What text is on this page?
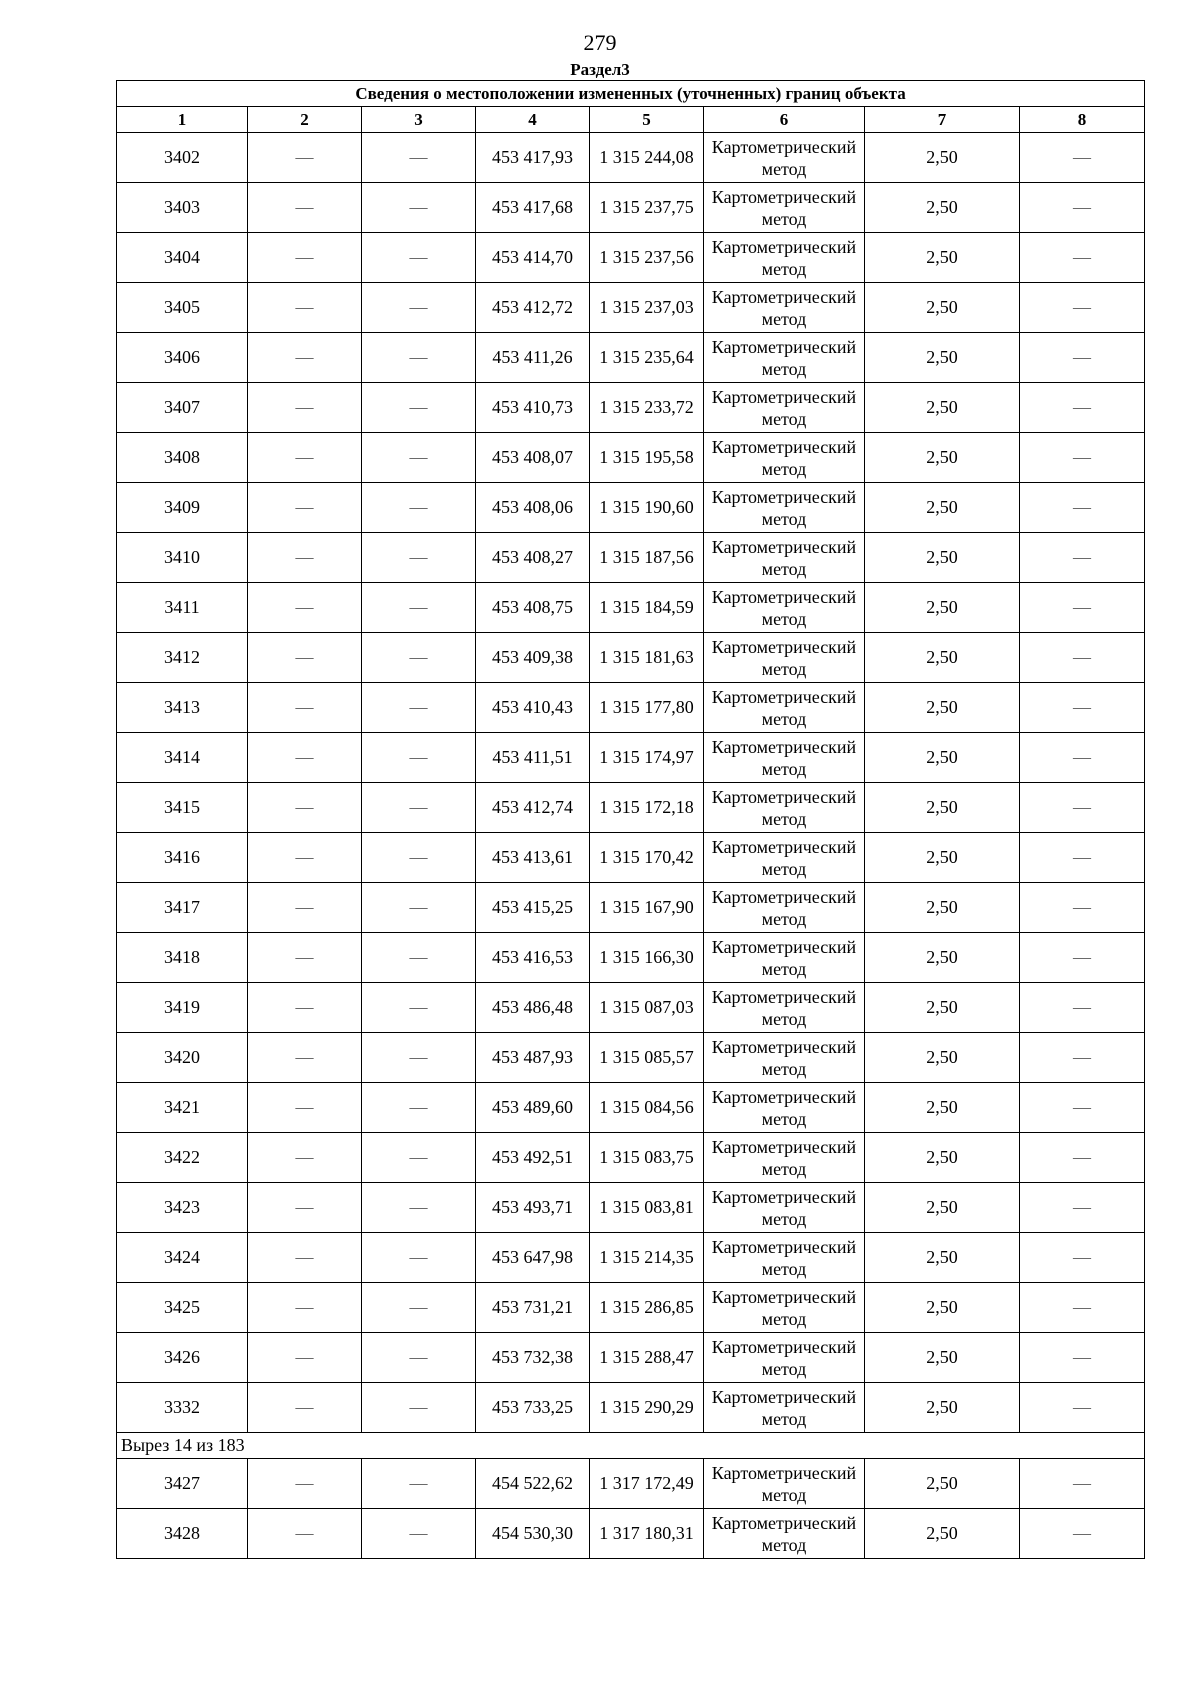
279
Раздел3
Сведения о местоположении измененных (уточненных) границ объекта							
1	2	3	4	5	6	7	8
3402	—	—	453 417,93	1 315 244,08	Картометрический метод	2,50	—
3403	—	—	453 417,68	1 315 237,75	Картометрический метод	2,50	—
3404	—	—	453 414,70	1 315 237,56	Картометрический метод	2,50	—
3405	—	—	453 412,72	1 315 237,03	Картометрический метод	2,50	—
3406	—	—	453 411,26	1 315 235,64	Картометрический метод	2,50	—
3407	—	—	453 410,73	1 315 233,72	Картометрический метод	2,50	—
3408	—	—	453 408,07	1 315 195,58	Картометрический метод	2,50	—
3409	—	—	453 408,06	1 315 190,60	Картометрический метод	2,50	—
3410	—	—	453 408,27	1 315 187,56	Картометрический метод	2,50	—
3411	—	—	453 408,75	1 315 184,59	Картометрический метод	2,50	—
3412	—	—	453 409,38	1 315 181,63	Картометрический метод	2,50	—
3413	—	—	453 410,43	1 315 177,80	Картометрический метод	2,50	—
3414	—	—	453 411,51	1 315 174,97	Картометрический метод	2,50	—
3415	—	—	453 412,74	1 315 172,18	Картометрический метод	2,50	—
3416	—	—	453 413,61	1 315 170,42	Картометрический метод	2,50	—
3417	—	—	453 415,25	1 315 167,90	Картометрический метод	2,50	—
3418	—	—	453 416,53	1 315 166,30	Картометрический метод	2,50	—
3419	—	—	453 486,48	1 315 087,03	Картометрический метод	2,50	—
3420	—	—	453 487,93	1 315 085,57	Картометрический метод	2,50	—
3421	—	—	453 489,60	1 315 084,56	Картометрический метод	2,50	—
3422	—	—	453 492,51	1 315 083,75	Картометрический метод	2,50	—
3423	—	—	453 493,71	1 315 083,81	Картометрический метод	2,50	—
3424	—	—	453 647,98	1 315 214,35	Картометрический метод	2,50	—
3425	—	—	453 731,21	1 315 286,85	Картометрический метод	2,50	—
3426	—	—	453 732,38	1 315 288,47	Картометрический метод	2,50	—
3332	—	—	453 733,25	1 315 290,29	Картометрический метод	2,50	—
Вырез 14 из 183							
3427	—	—	454 522,62	1 317 172,49	Картометрический метод	2,50	—
3428	—	—	454 530,30	1 317 180,31	Картометрический метод	2,50	—
